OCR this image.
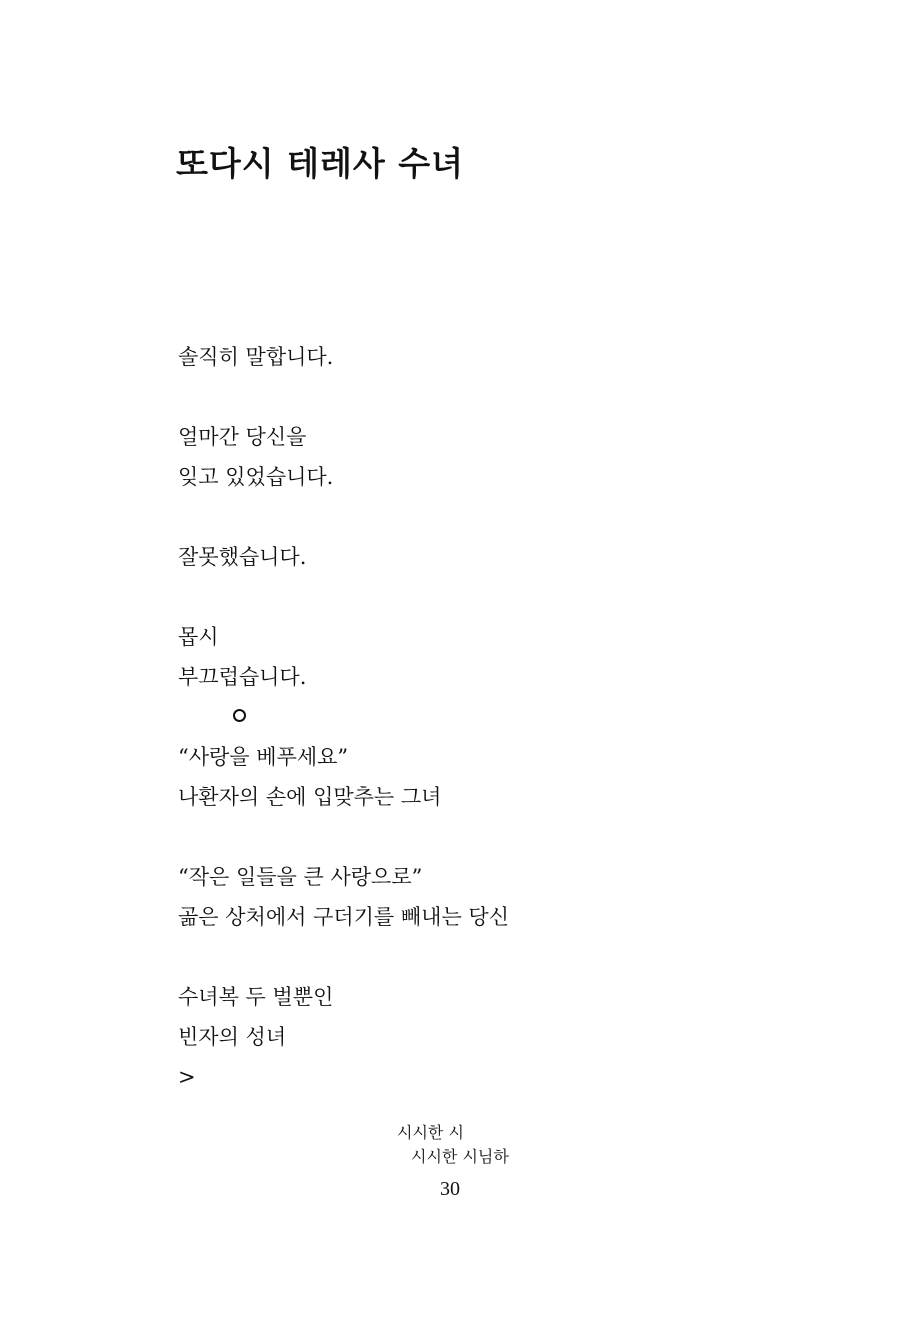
또다시 테레사 수녀
솔직히 말합니다.
얼마간 당신을
잊고 있었습니다.
잘못했습니다.
몹시
부끄럽습니다.
“사랑을 베푸세요”
나환자의 손에 입맞추는 그녀
“작은 일들을 큰 사랑으로”
곪은 상처에서 구더기를 빼내는 당신
수녀복 두 벌뿐인
빈자의 성녀
>
시시한 시
시시한 시님하
30
